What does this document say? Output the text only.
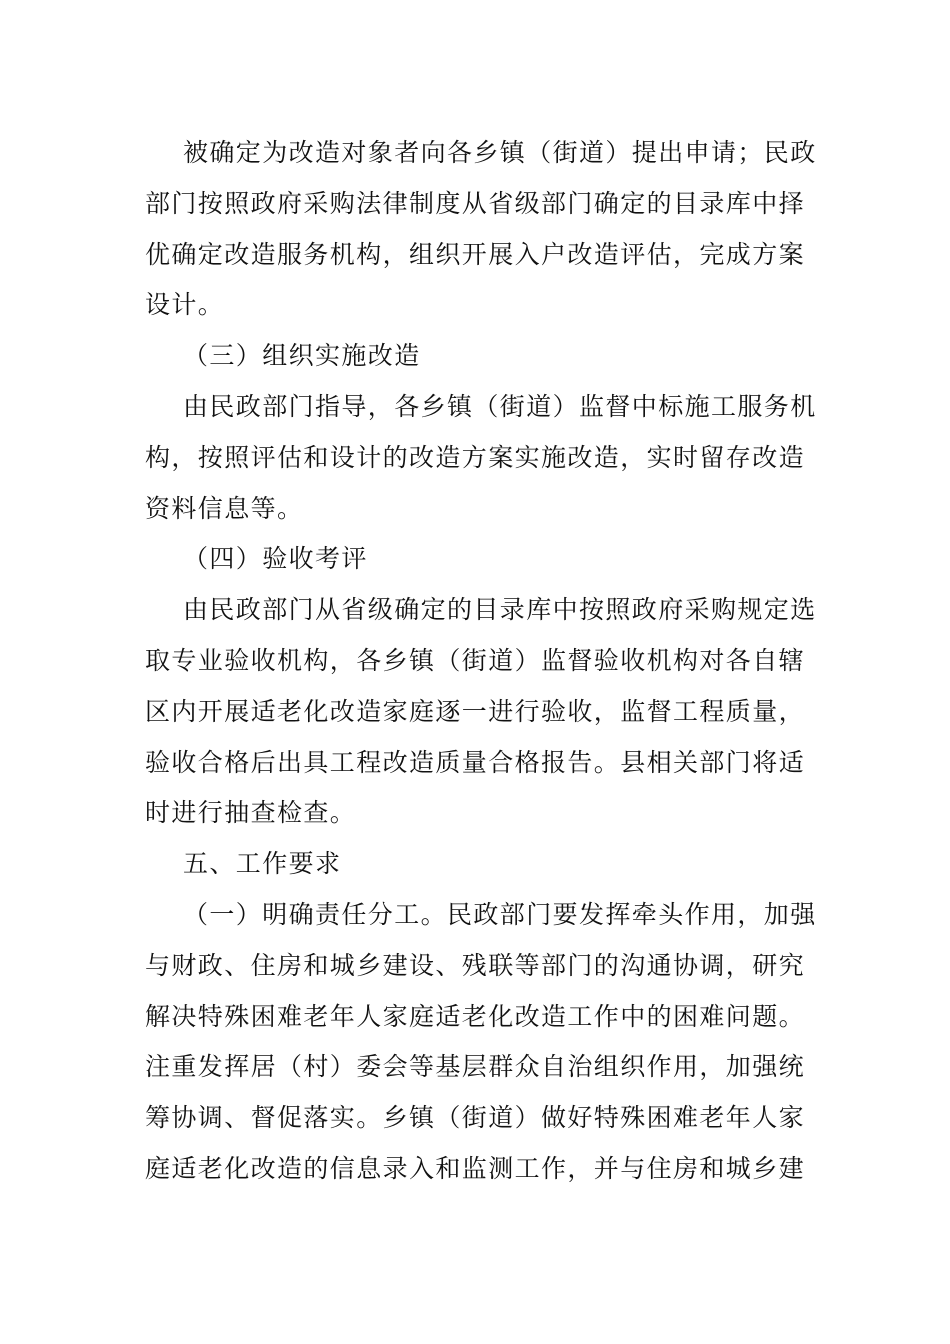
被确定为改造对象者向各乡镇（街道）提出申请；民政
部门按照政府采购法律制度从省级部门确定的目录库中择
优确定改造服务机构，组织开展入户改造评估，完成方案
设计。
（三）组织实施改造
由民政部门指导，各乡镇（街道）监督中标施工服务机
构，按照评估和设计的改造方案实施改造，实时留存改造
资料信息等。
（四）验收考评
由民政部门从省级确定的目录库中按照政府采购规定选
取专业验收机构，各乡镇（街道）监督验收机构对各自辖
区内开展适老化改造家庭逐一进行验收，监督工程质量，
验收合格后出具工程改造质量合格报告。县相关部门将适
时进行抽查检查。
五、工作要求
（一）明确责任分工。民政部门要发挥牵头作用，加强
与财政、住房和城乡建设、残联等部门的沟通协调，研究
解决特殊困难老年人家庭适老化改造工作中的困难问题。
注重发挥居（村）委会等基层群众自治组织作用，加强统
筹协调、督促落实。乡镇（街道）做好特殊困难老年人家
庭适老化改造的信息录入和监测工作，并与住房和城乡建
